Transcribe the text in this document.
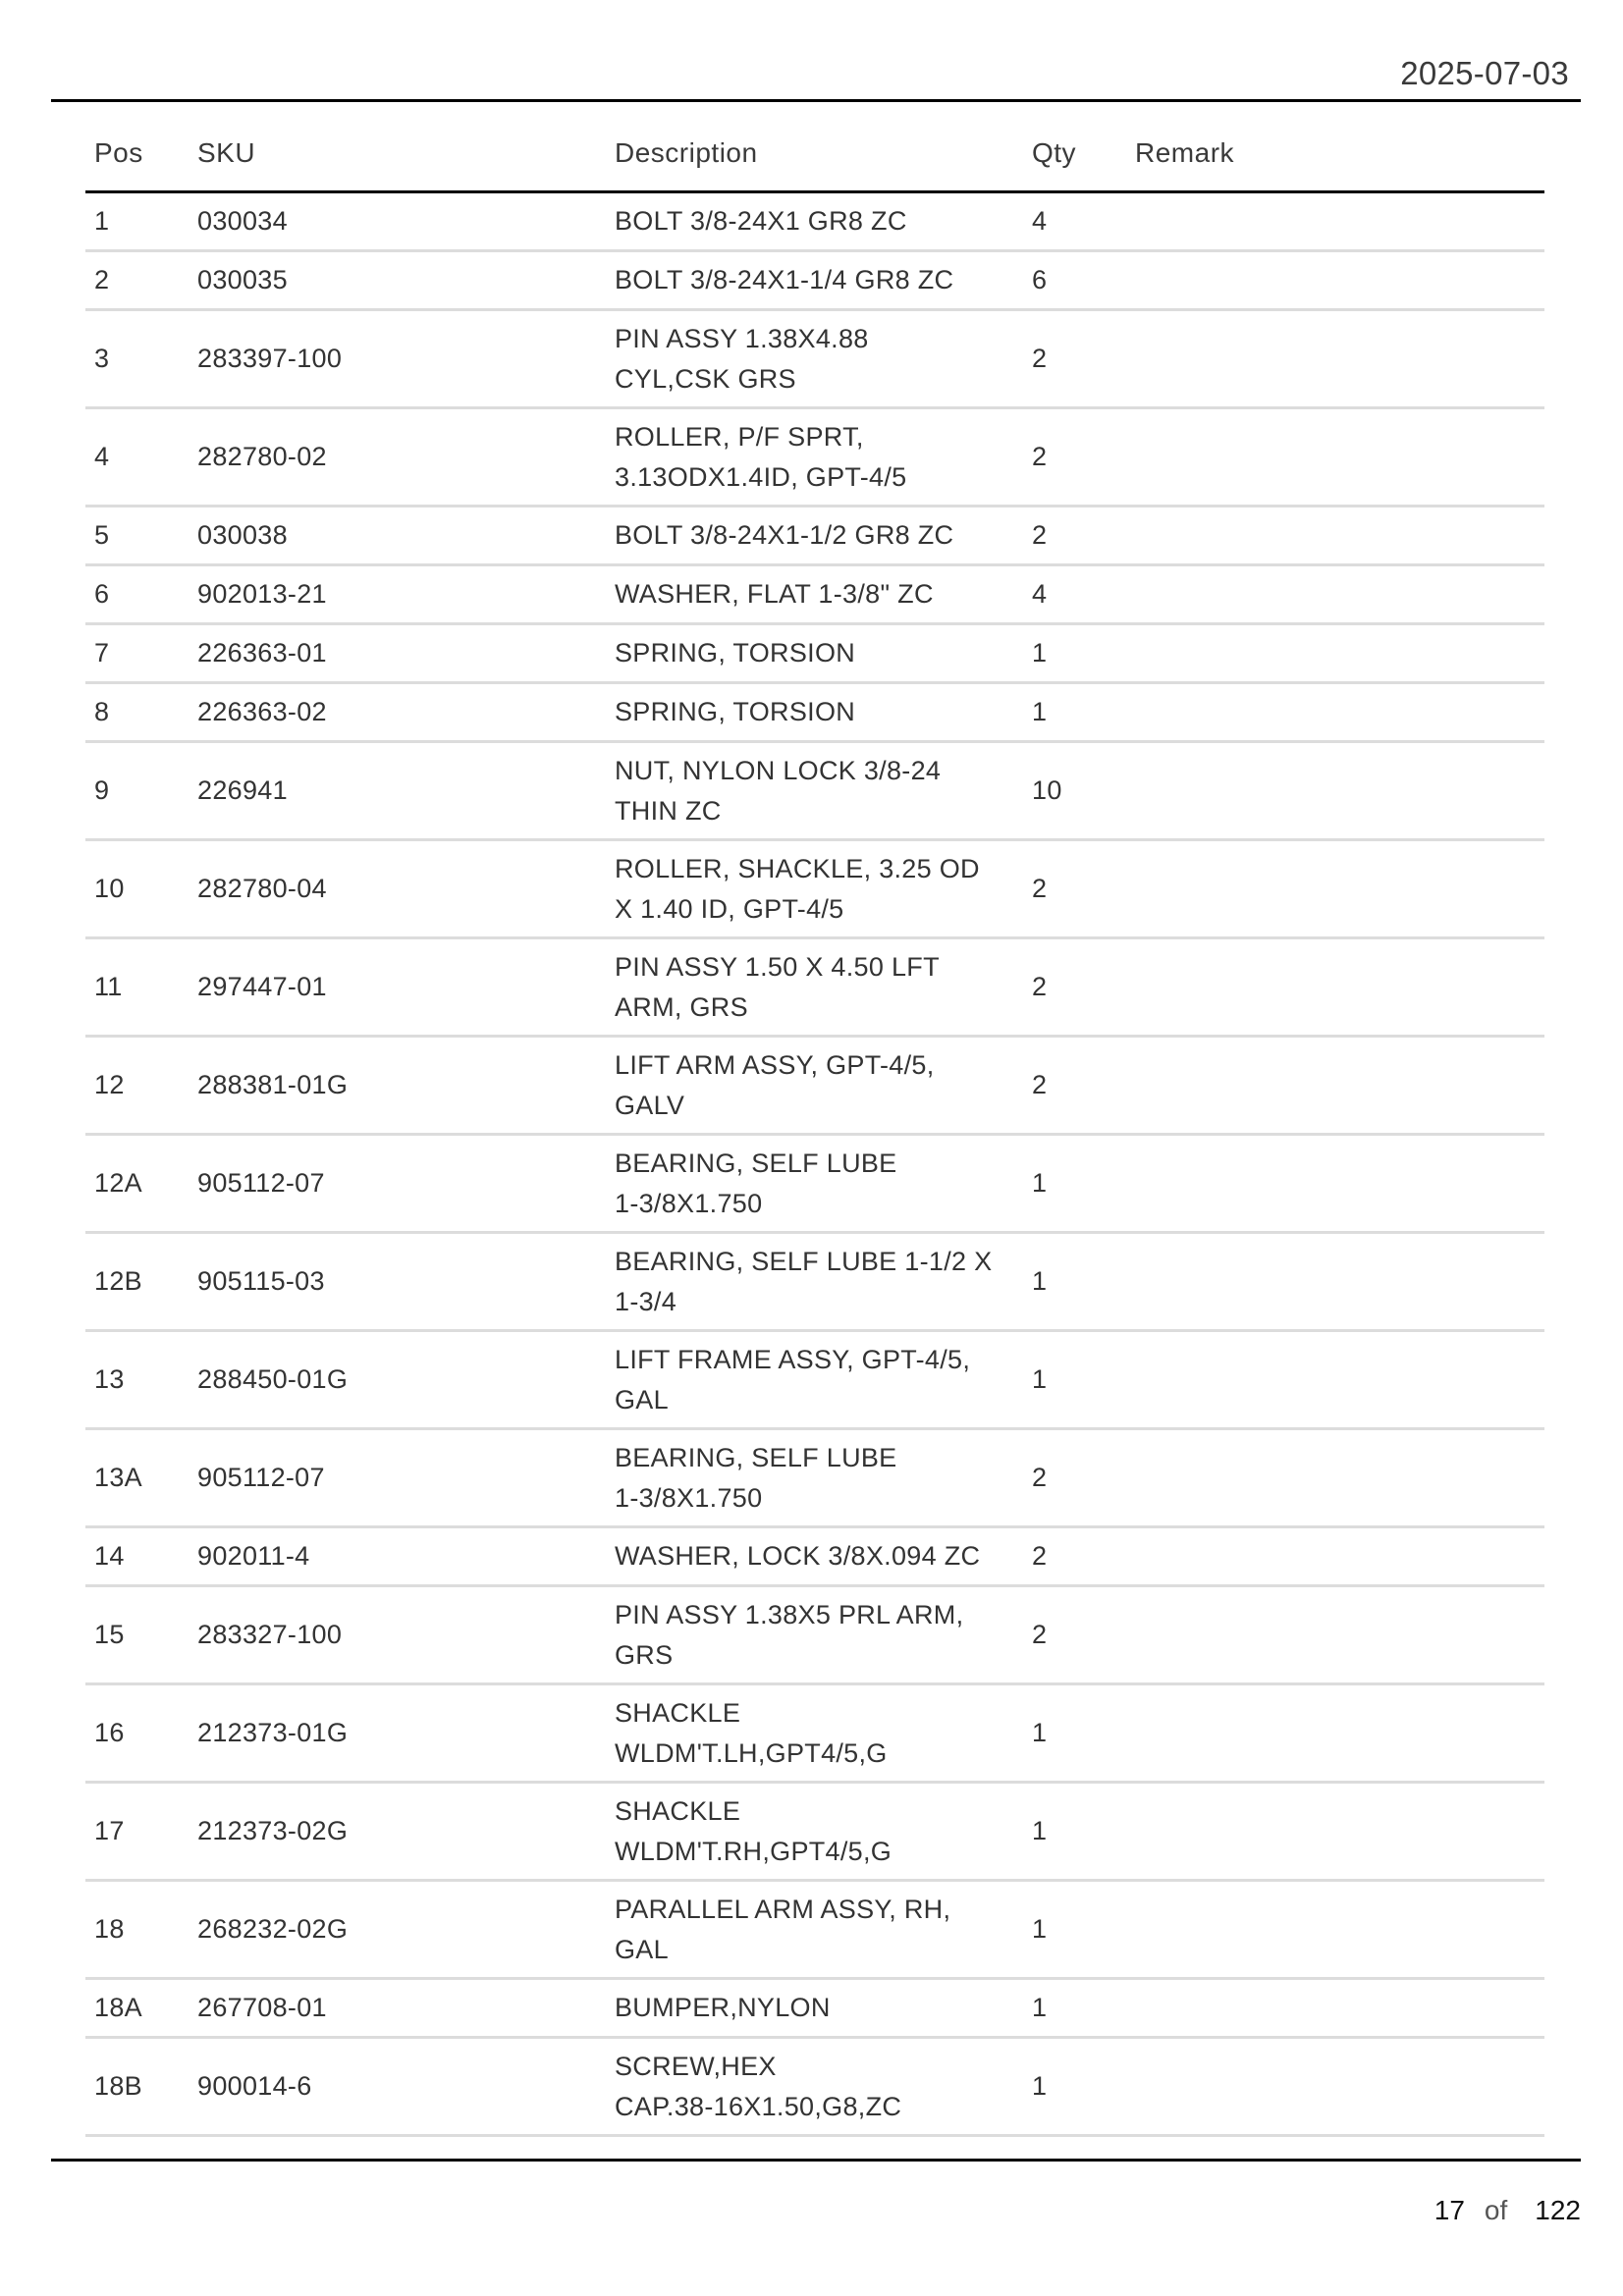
2025-07-03
Pos	SKU	Description	Qty	Remark
1	030034	BOLT 3/8-24X1 GR8 ZC	4	
2	030035	BOLT 3/8-24X1-1/4 GR8 ZC	6	
3	283397-100	PIN ASSY 1.38X4.88
CYL,CSK GRS	2	
4	282780-02	ROLLER, P/F SPRT,
3.13ODX1.4ID, GPT-4/5	2	
5	030038	BOLT 3/8-24X1-1/2 GR8 ZC	2	
6	902013-21	WASHER, FLAT 1-3/8" ZC	4	
7	226363-01	SPRING, TORSION	1	
8	226363-02	SPRING, TORSION	1	
9	226941	NUT, NYLON LOCK 3/8-24
THIN ZC	10	
10	282780-04	ROLLER, SHACKLE, 3.25 OD
X 1.40 ID, GPT-4/5	2	
11	297447-01	PIN ASSY 1.50 X 4.50 LFT
ARM, GRS	2	
12	288381-01G	LIFT ARM ASSY, GPT-4/5,
GALV	2	
12A	905112-07	BEARING, SELF LUBE
1-3/8X1.750	1	
12B	905115-03	BEARING, SELF LUBE 1-1/2 X
1-3/4	1	
13	288450-01G	LIFT FRAME ASSY, GPT-4/5,
GAL	1	
13A	905112-07	BEARING, SELF LUBE
1-3/8X1.750	2	
14	902011-4	WASHER, LOCK 3/8X.094 ZC	2	
15	283327-100	PIN ASSY 1.38X5 PRL ARM,
GRS	2	
16	212373-01G	SHACKLE
WLDM'T.LH,GPT4/5,G	1	
17	212373-02G	SHACKLE
WLDM'T.RH,GPT4/5,G	1	
18	268232-02G	PARALLEL ARM ASSY, RH,
GAL	1	
18A	267708-01	BUMPER,NYLON	1	
18B	900014-6	SCREW,HEX
CAP.38-16X1.50,G8,ZC	1	
17 of 122
